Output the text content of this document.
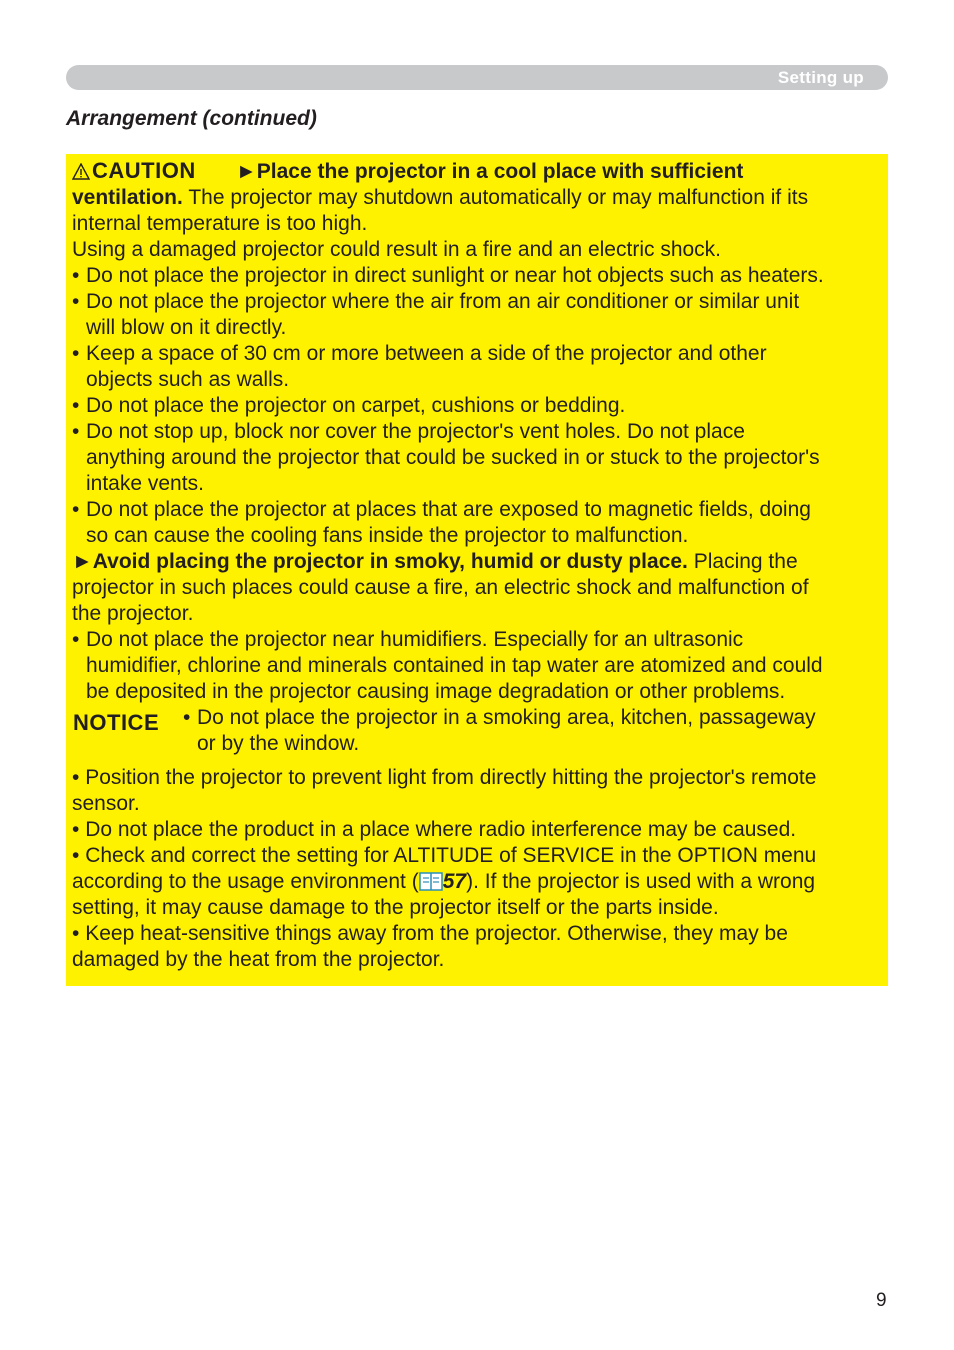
Setting up
Arrangement (continued)
CAUTION ►Place the projector in a cool place with sufficient
ventilation. The projector may shutdown automatically or may malfunction if its
internal temperature is too high.
Using a damaged projector could result in a fire and an electric shock.
• Do not place the projector in direct sunlight or near hot objects such as heaters.
• Do not place the projector where the air from an air conditioner or similar unit
will blow on it directly.
• Keep a space of 30 cm or more between a side of the projector and other
objects such as walls.
• Do not place the projector on carpet, cushions or bedding.
• Do not stop up, block nor cover the projector's vent holes. Do not place
anything around the projector that could be sucked in or stuck to the projector's
intake vents.
• Do not place the projector at places that are exposed to magnetic fields, doing
so can cause the cooling fans inside the projector to malfunction.
►Avoid placing the projector in smoky, humid or dusty place. Placing the
projector in such places could cause a fire, an electric shock and malfunction of
the projector.
• Do not place the projector near humidifiers. Especially for an ultrasonic
humidifier, chlorine and minerals contained in tap water are atomized and could
be deposited in the projector causing image degradation or other problems.
NOTICE • Do not place the projector in a smoking area, kitchen, passageway
or by the window.
• Position the projector to prevent light from directly hitting the projector's remote
sensor.
• Do not place the product in a place where radio interference may be caused.
• Check and correct the setting for ALTITUDE of SERVICE in the OPTION menu
according to the usage environment ( 57). If the projector is used with a wrong
setting, it may cause damage to the projector itself or the parts inside.
• Keep heat-sensitive things away from the projector. Otherwise, they may be
damaged by the heat from the projector.
9
